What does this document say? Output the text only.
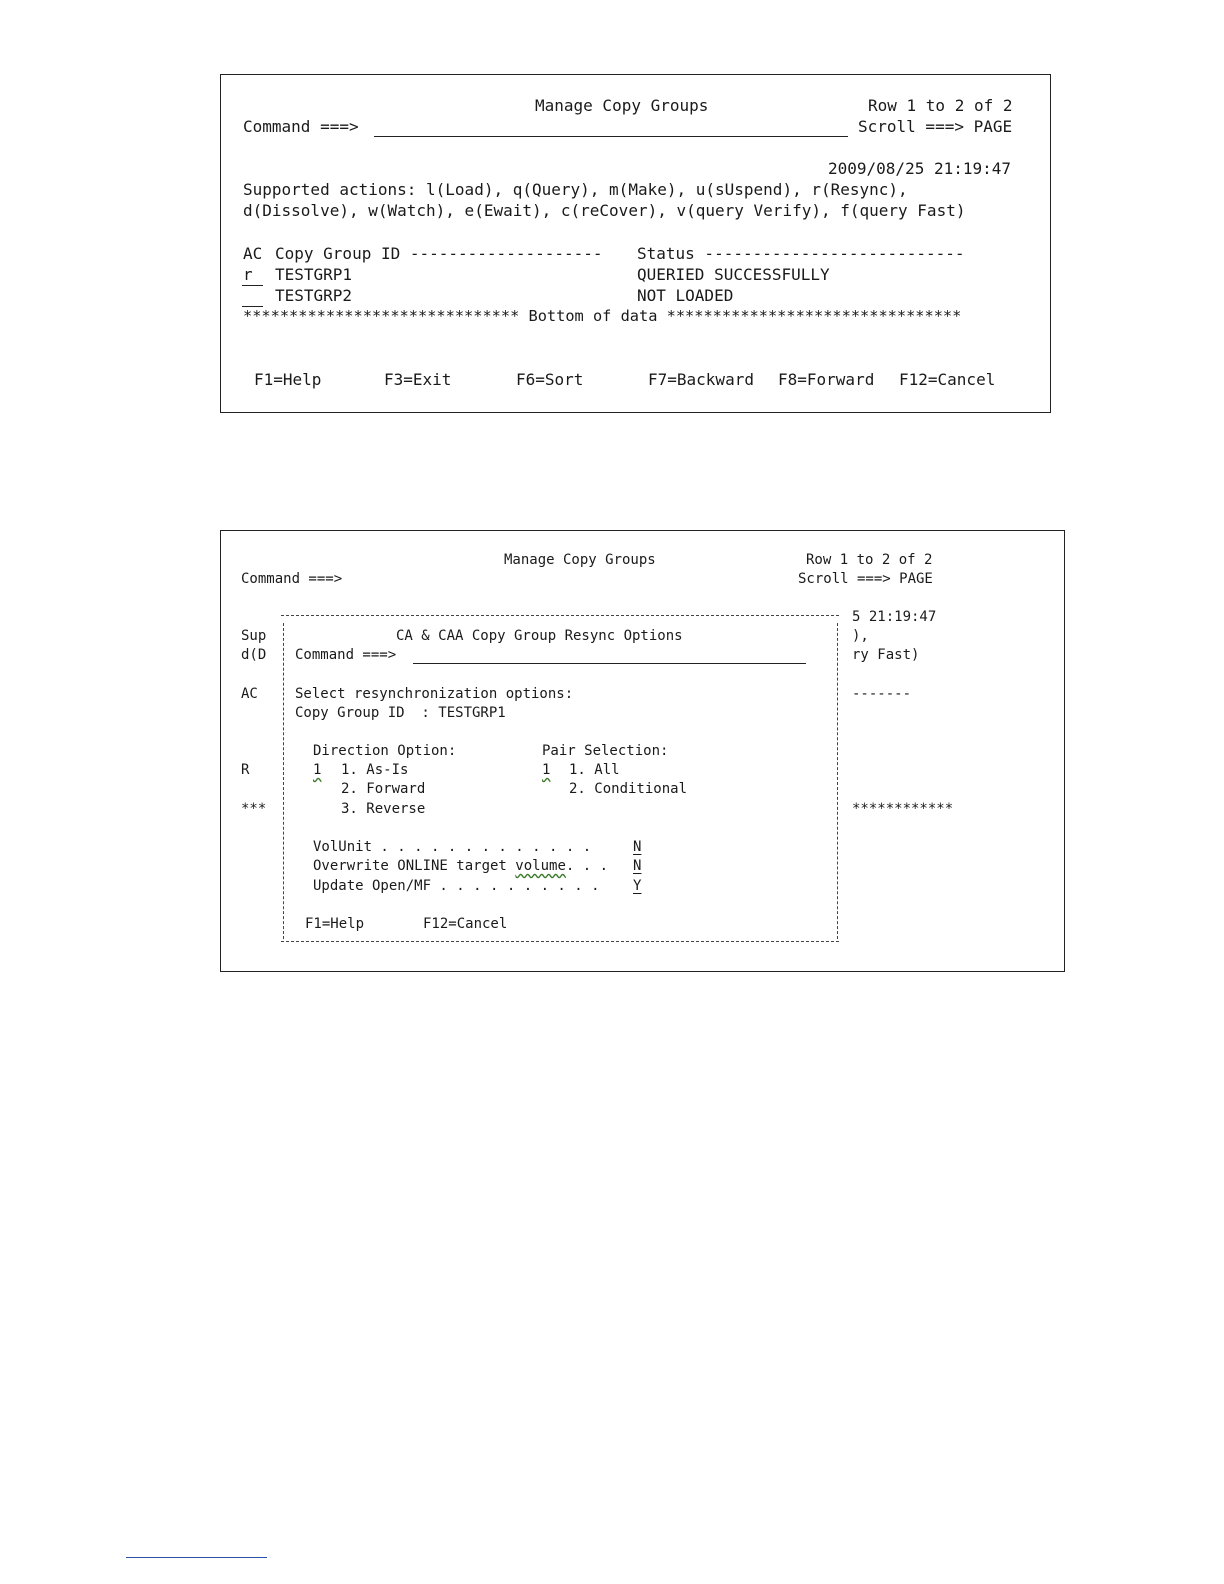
Manage Copy Groups	Row 1 to 2 of 2
Command ===>	Scroll ===> PAGE
2009/08/25 21:19:47
Supported actions: l(Load), q(Query), m(Make), u(sUspend), r(Resync),
d(Dissolve), w(Watch), e(Ewait), c(reCover), v(query Verify), f(query Fast)
AC Copy Group ID -------------------- Status ---------------------------
r TESTGRP1	QUERIED SUCCESSFULLY
TESTGRP2	NOT LOADED
****************************** Bottom of data ********************************
F1=Help	F3=Exit	F6=Sort	F7=Backward F8=Forward F12=Cancel
Manage Copy Groups	Row 1 to 2 of 2
Command ===>	Scroll ===> PAGE
Sup
d(D
AC
R
***
5 21:19:47
),
ry Fast)
-------
************
CA & CAA Copy Group Resync Options
Command ===>
Select resynchronization options:
Copy Group ID  : TESTGRP1
Direction Option:
1 1. As-Is
2. Forward
3. Reverse
Pair Selection:
1 1. All
2. Conditional
VolUnit . . . . . . . . . . . . .	N
Overwrite ONLINE target volume. . . N
Update Open/MF . . . . . . . . . . Y
F1=Help	F12=Cancel
